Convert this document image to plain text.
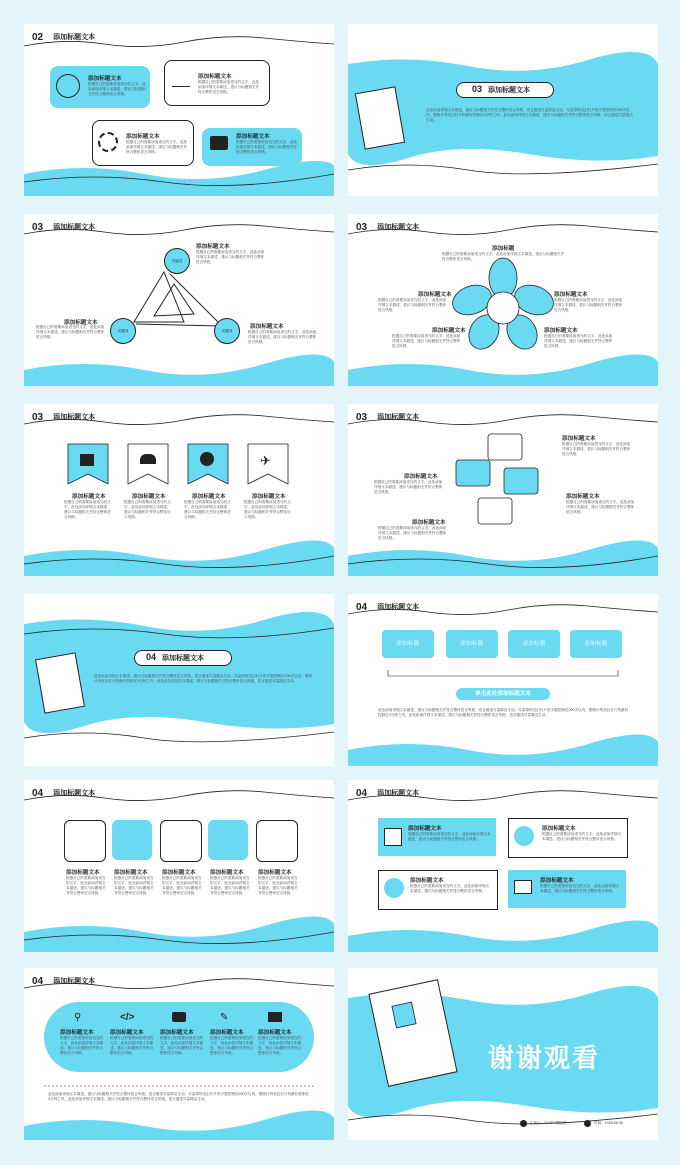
02 添加标题文本
添加标题文本
根据自己的需要添加适当的文字，此处添加详细文本描述，建议与标题相关并符合整体语言风格。
添加标题文本
根据自己的需要添加适当的文字，此处添加详细文本描述，建议与标题相关并符合整体语言风格。
添加标题文本
根据自己的需要添加适当的文字，此处添加详细文本描述，建议与标题相关并符合整体语言风格。
添加标题文本
根据自己的需要添加适当的文字，此处添加详细文本描述，建议与标题相关并符合整体语言风格。
03 添加标题文本
此处添加详细文本描述，建议与标题相关并符合整体语言风格，语言描述尽量简洁生动，尽量将每页幻灯片的字数控制在200字以内，据统计每页幻灯片的最好控制在3分钟之内，此处添加详细文本描述，建议与标题相关并符合整体语言风格。语言描述尽量简洁生动。
03 添加标题文本
关键词
关键词	关键词
添加标题文本
根据自己的需要添加适当的文字，此处添加详细文本描述，建议与标题相关并符合整体语言风格。
添加标题文本
根据自己的需要添加适当的文字，此处添加详细文本描述，建议与标题相关并符合整体语言风格。
添加标题文本
根据自己的需要添加适当的文字，此处添加详细文本描述，建议与标题相关并符合整体语言风格。
03 添加标题文本
添加标题
根据自己的需要添加适当的文字，此处添加详细文本描述，建议与标题相关并符合整体语言风格。
添加标题文本
根据自己的需要添加适当的文字，此处添加详细文本描述，建议与标题相关并符合整体语言风格。
添加标题文本
根据自己的需要添加适当的文字，此处添加详细文本描述，建议与标题相关并符合整体语言风格。
添加标题文本
根据自己的需要添加适当的文字，此处添加详细文本描述，建议与标题相关并符合整体语言风格。
添加标题文本
根据自己的需要添加适当的文字，此处添加详细文本描述，建议与标题相关并符合整体语言风格。
03 添加标题文本
✈
添加标题文本
根据自己的需要添加适当的文字，此处添加详细文本描述，建议与标题相关并符合整体语言风格。
添加标题文本
根据自己的需要添加适当的文字，此处添加详细文本描述，建议与标题相关并符合整体语言风格。
添加标题文本
根据自己的需要添加适当的文字，此处添加详细文本描述，建议与标题相关并符合整体语言风格。
添加标题文本
根据自己的需要添加适当的文字，此处添加详细文本描述，建议与标题相关并符合整体语言风格。
03 添加标题文本
添加标题文本
根据自己的需要添加适当的文字，此处添加详细文本描述，建议与标题相关并符合整体语言风格。
添加标题文本
根据自己的需要添加适当的文字，此处添加详细文本描述，建议与标题相关并符合整体语言风格。
添加标题文本
根据自己的需要添加适当的文字，此处添加详细文本描述，建议与标题相关并符合整体语言风格。
添加标题文本
根据自己的需要添加适当的文字，此处添加详细文本描述，建议与标题相关并符合整体语言风格。
04 添加标题文本
此处添加详细文本描述，建议与标题相关并符合整体语言风格，语言描述尽量简洁生动，尽量将每页幻灯片的字数控制在200字以内，据统计每页幻灯片的最好控制在3分钟之内，此处添加详细文本描述，建议与标题相关并符合整体语言风格。语言描述尽量简洁生动。
04 添加标题文本
添加标题	添加标题	添加标题	添加标题
单击此处添加标题文本
此处添加详细文本描述，建议与标题相关并符合整体语言风格，语言描述尽量简洁生动，尽量将每页幻灯片的字数控制在200字以内，据统计每页幻灯片的最好控制在3分钟之内，此处添加详细文本描述，建议与标题相关并符合整体语言风格。语言描述尽量简洁生动。
04 添加标题文本
添加标题文本
根据自己的需要添加适当的文字，此处添加详细文本描述，建议与标题相关并符合整体语言风格。
添加标题文本
根据自己的需要添加适当的文字，此处添加详细文本描述，建议与标题相关并符合整体语言风格。
添加标题文本
根据自己的需要添加适当的文字，此处添加详细文本描述，建议与标题相关并符合整体语言风格。
添加标题文本
根据自己的需要添加适当的文字，此处添加详细文本描述，建议与标题相关并符合整体语言风格。
添加标题文本
根据自己的需要添加适当的文字，此处添加详细文本描述，建议与标题相关并符合整体语言风格。
04 添加标题文本
添加标题文本
根据自己的需要添加适当的文字，此处添加详细文本描述，建议与标题相关并符合整体语言风格。
添加标题文本
根据自己的需要添加适当的文字，此处添加详细文本描述，建议与标题相关并符合整体语言风格。
添加标题文本
根据自己的需要添加适当的文字，此处添加详细文本描述，建议与标题相关并符合整体语言风格。
添加标题文本
根据自己的需要添加适当的文字，此处添加详细文本描述，建议与标题相关并符合整体语言风格。
04 添加标题文本
⚲	</>	✎
添加标题文本
根据自己的需要添加适当的文字，此处添加详细文本描述，建议与标题相关并符合整体语言风格。
添加标题文本
根据自己的需要添加适当的文字，此处添加详细文本描述，建议与标题相关并符合整体语言风格。
添加标题文本
根据自己的需要添加适当的文字，此处添加详细文本描述，建议与标题相关并符合整体语言风格。
添加标题文本
根据自己的需要添加适当的文字，此处添加详细文本描述，建议与标题相关并符合整体语言风格。
添加标题文本
根据自己的需要添加适当的文字，此处添加详细文本描述，建议与标题相关并符合整体语言风格。
此处添加详细文本描述，建议与标题相关并符合整体语言风格，语言描述尽量简洁生动，尽量将每页幻灯片的字数控制在200字以内，据统计每页幻灯片的最好控制在3分钟之内，此处添加详细文本描述，建议与标题相关并符合整体语言风格。语言描述尽量简洁生动。
谢谢观看
汇报人：51PPT模板网	时间：2025.06.06
